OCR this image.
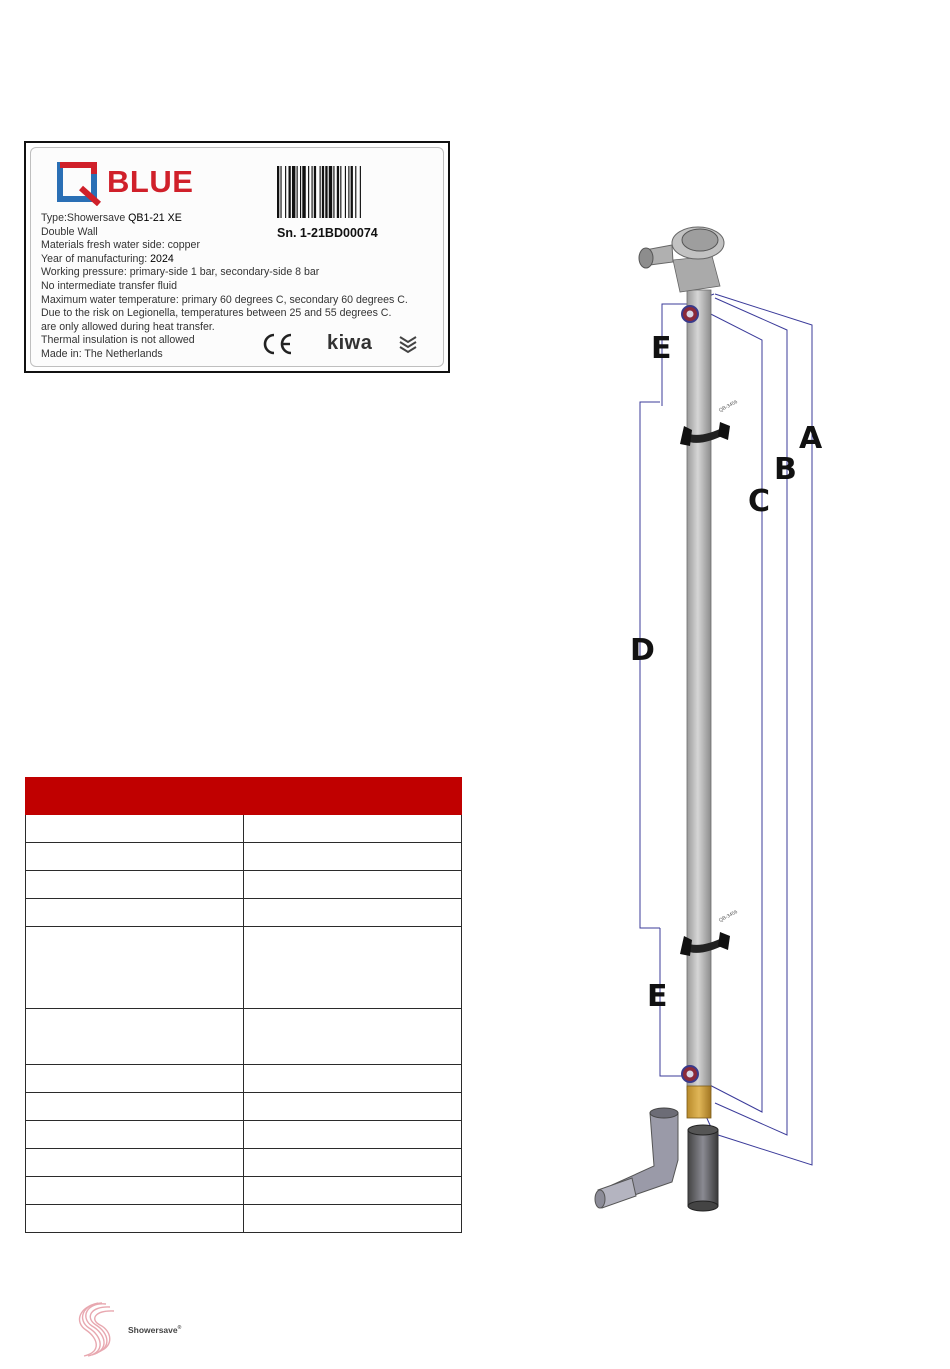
BLUE
Sn. 1-21BD00074
Type:Showersave QB1-21 XE
Double Wall
Materials fresh water side: copper
Year of manufacturing: 2024
Working pressure: primary-side 1 bar, secondary-side 8 bar
No intermediate transfer fluid
Maximum water temperature: primary 60 degrees C, secondary 60 degrees C.
Due to the risk on Legionella, temperatures between 25 and 55 degrees C.
are only allowed during heat transfer.
Thermal insulation is not allowed
Made in: The Netherlands
CE	kiwa

QB-3456
QB-3456
A
B
C
D
E
E
Showersave®
